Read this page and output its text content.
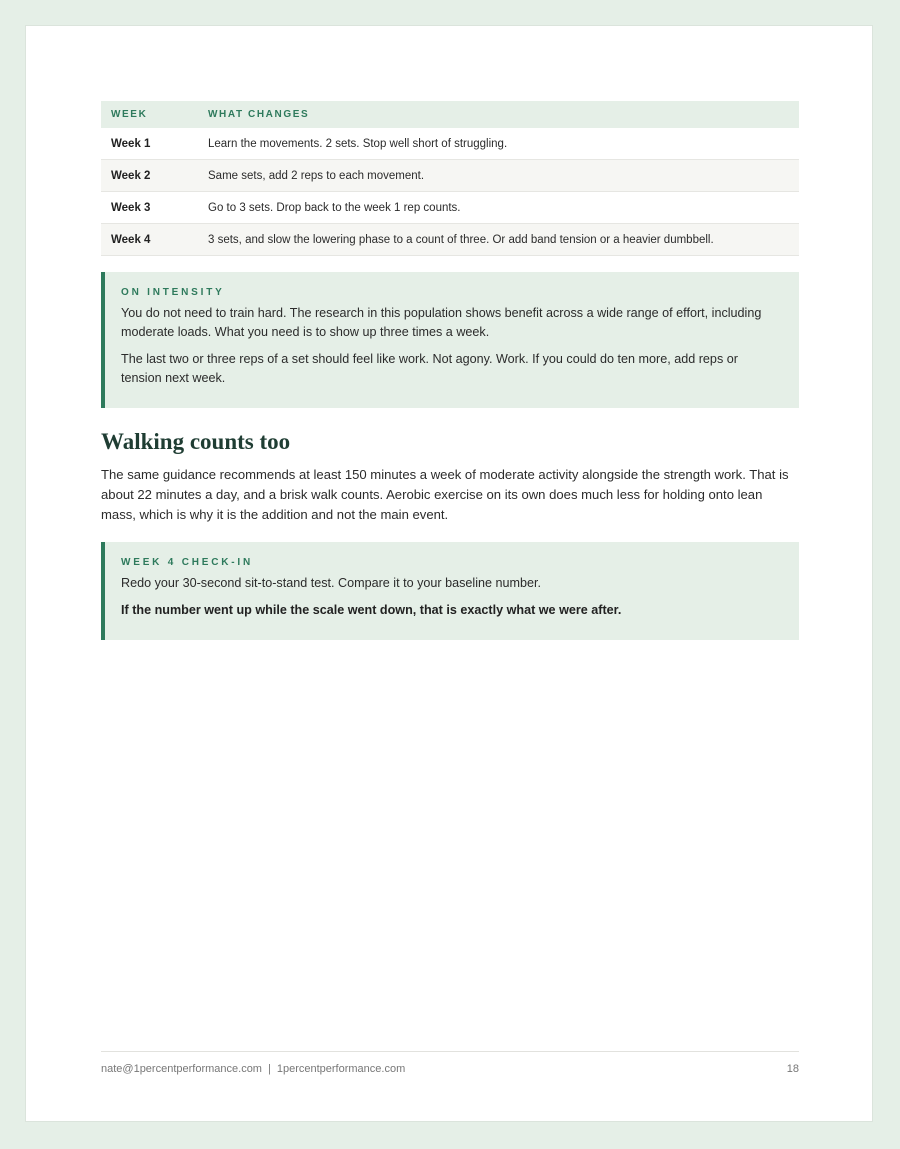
WEEK	WHAT CHANGES
Week 1	Learn the movements. 2 sets. Stop well short of struggling.
Week 2	Same sets, add 2 reps to each movement.
Week 3	Go to 3 sets. Drop back to the week 1 rep counts.
Week 4	3 sets, and slow the lowering phase to a count of three. Or add band tension or a heavier dumbbell.
ON INTENSITY

You do not need to train hard. The research in this population shows benefit across a wide range of effort, including moderate loads. What you need is to show up three times a week.

The last two or three reps of a set should feel like work. Not agony. Work. If you could do ten more, add reps or tension next week.

Walking counts too

The same guidance recommends at least 150 minutes a week of moderate activity alongside the strength work. That is about 22 minutes a day, and a brisk walk counts. Aerobic exercise on its own does much less for holding onto lean mass, which is why it is the addition and not the main event.

WEEK 4 CHECK-IN

Redo your 30-second sit-to-stand test. Compare it to your baseline number.

If the number went up while the scale went down, that is exactly what we were after.

nate@1percentperformance.com | 1percentperformance.com	18
